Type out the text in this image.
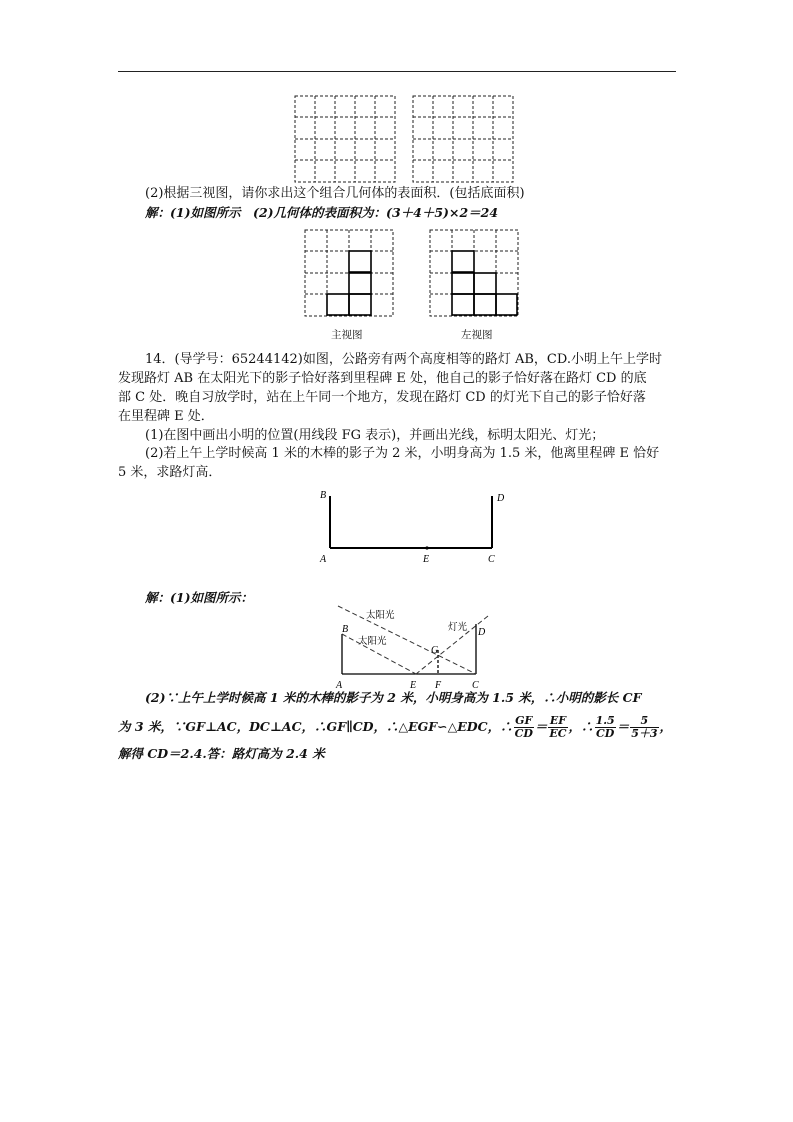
(2)根据三视图，请你求出这个组合几何体的表面积．(包括底面积)
解：(1)如图所示　(2)几何体的表面积为：(3＋4＋5)×2＝24
主视图	左视图
14．(导学号：65244142)如图，公路旁有两个高度相等的路灯 AB，CD.小明上午上学时
发现路灯 AB 在太阳光下的影子恰好落到里程碑 E 处，他自己的影子恰好落在路灯 CD 的底
部 C 处．晚自习放学时，站在上午同一个地方，发现在路灯 CD 的灯光下自己的影子恰好落
在里程碑 E 处．
(1)在图中画出小明的位置(用线段 FG 表示)，并画出光线，标明太阳光、灯光；
(2)若上午上学时候高 1 米的木棒的影子为 2 米，小明身高为 1.5 米，他离里程碑 E 恰好
5 米，求路灯高．
B	D
A	E	C
解：(1)如图所示：
太阳光
太阳光
灯光
B	D
G
A	E F	C
(2)∵上午上学时候高 1 米的木棒的影子为 2 米，小明身高为 1.5 米，∴小明的影长 CF
为 3 米，∵GF⊥AC，DC⊥AC，∴GF∥CD，∴△EGF∽△EDC，∴ $\frac{GF}{CD} = \frac{EF}{EC}$ ，∴ $\frac{1.5}{CD} = \frac{5}{5+3}$ ，
解得 CD＝2.4.答：路灯高为 2.4 米
